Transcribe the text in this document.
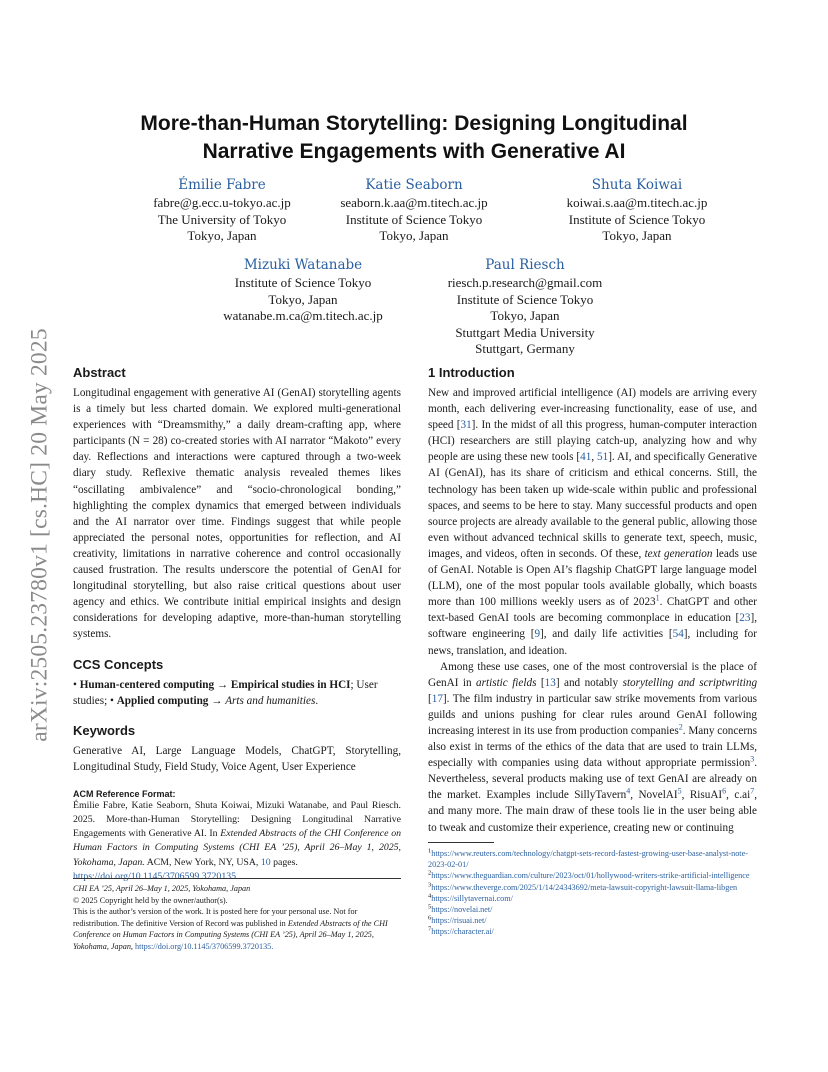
arXiv:2505.23780v1 [cs.HC] 20 May 2025
More-than-Human Storytelling: Designing Longitudinal Narrative Engagements with Generative AI
Émilie Fabre
fabre@g.ecc.u-tokyo.ac.jp
The University of Tokyo
Tokyo, Japan
Katie Seaborn
seaborn.k.aa@m.titech.ac.jp
Institute of Science Tokyo
Tokyo, Japan
Shuta Koiwai
koiwai.s.aa@m.titech.ac.jp
Institute of Science Tokyo
Tokyo, Japan
Mizuki Watanabe
Institute of Science Tokyo
Tokyo, Japan
watanabe.m.ca@m.titech.ac.jp
Paul Riesch
riesch.p.research@gmail.com
Institute of Science Tokyo
Tokyo, Japan
Stuttgart Media University
Stuttgart, Germany
Abstract

Longitudinal engagement with generative AI (GenAI) storytelling agents is a timely but less charted domain. We explored multi-generational experiences with “Dreamsmithy,” a daily dream-crafting app, where participants (N = 28) co-created stories with AI narrator “Makoto” every day. Reflections and interactions were captured through a two-week diary study. Reflexive thematic analysis revealed themes likes “oscillating ambivalence” and “socio-chronological bonding,” highlighting the complex dynamics that emerged between individuals and the AI narrator over time. Findings suggest that while people appreciated the personal notes, opportunities for reflection, and AI creativity, limitations in narrative coherence and control occasionally caused frustration. The results underscore the potential of GenAI for longitudinal storytelling, but also raise critical questions about user agency and ethics. We contribute initial empirical insights and design considerations for developing adaptive, more-than-human storytelling systems.

CCS Concepts
• Human-centered computing → Empirical studies in HCI; User studies; • Applied computing → Arts and humanities.
Keywords

Generative AI, Large Language Models, ChatGPT, Storytelling, Longitudinal Study, Field Study, Voice Agent, User Experience

ACM Reference Format:
Émilie Fabre, Katie Seaborn, Shuta Koiwai, Mizuki Watanabe, and Paul Riesch. 2025. More-than-Human Storytelling: Designing Longitudinal Narrative Engagements with Generative AI. In Extended Abstracts of the CHI Conference on Human Factors in Computing Systems (CHI EA ’25), April 26–May 1, 2025, Yokohama, Japan. ACM, New York, NY, USA, 10 pages.
https://doi.org/10.1145/3706599.3720135
CHI EA ’25, April 26–May 1, 2025, Yokohama, Japan
© 2025 Copyright held by the owner/author(s).
This is the author’s version of the work. It is posted here for your personal use. Not for redistribution. The definitive Version of Record was published in Extended Abstracts of the CHI Conference on Human Factors in Computing Systems (CHI EA ’25), April 26–May 1, 2025, Yokohama, Japan, https://doi.org/10.1145/3706599.3720135.
1 Introduction

New and improved artificial intelligence (AI) models are arriving every month, each delivering ever-increasing functionality, ease of use, and speed [31]. In the midst of all this progress, human-computer interaction (HCI) researchers are still playing catch-up, analyzing how and why people are using these new tools [41, 51]. AI, and specifically Generative AI (GenAI), has its share of criticism and ethical concerns. Still, the technology has been taken up wide-scale within public and professional spaces, and seems to be here to stay. Many successful products and open source projects are already available to the general public, allowing those even without advanced technical skills to generate text, speech, music, images, and videos, often in seconds. Of these, text generation leads use of GenAI. Notable is Open AI’s flagship ChatGPT large language model (LLM), one of the most popular tools available globally, which boasts more than 100 millions weekly users as of 2023$^1$. ChatGPT and other text-based GenAI tools are becoming commonplace in education [23], software engineering [9], and daily life activities [54], including for news, translation, and ideation.

Among these use cases, one of the most controversial is the place of GenAI in artistic fields [13] and notably storytelling and scriptwriting [17]. The film industry in particular saw strike movements from various guilds and unions pushing for clear rules around GenAI following increasing interest in its use from production companies$^2$. Many concerns also exist in terms of the ethics of the data that are used to train LLMs, especially with companies using data without appropriate permission$^3$. Nevertheless, several products making use of text GenAI are already on the market. Examples include SillyTavern$^4$, NovelAI$^5$, RisuAI$^6$, c.ai$^7$, and many more. The main draw of these tools lie in the user being able to tweak and customize their experience, creating new or continuing

$^1$https://www.reuters.com/technology/chatgpt-sets-record-fastest-growing-user-base-analyst-note-2023-02-01/
$^2$https://www.theguardian.com/culture/2023/oct/01/hollywood-writers-strike-artificial-intelligence
$^3$https://www.theverge.com/2025/1/14/24343692/meta-lawsuit-copyright-lawsuit-llama-libgen
$^4$https://sillytavernai.com/
$^5$https://novelai.net/
$^6$https://risuai.net/
$^7$https://character.ai/
